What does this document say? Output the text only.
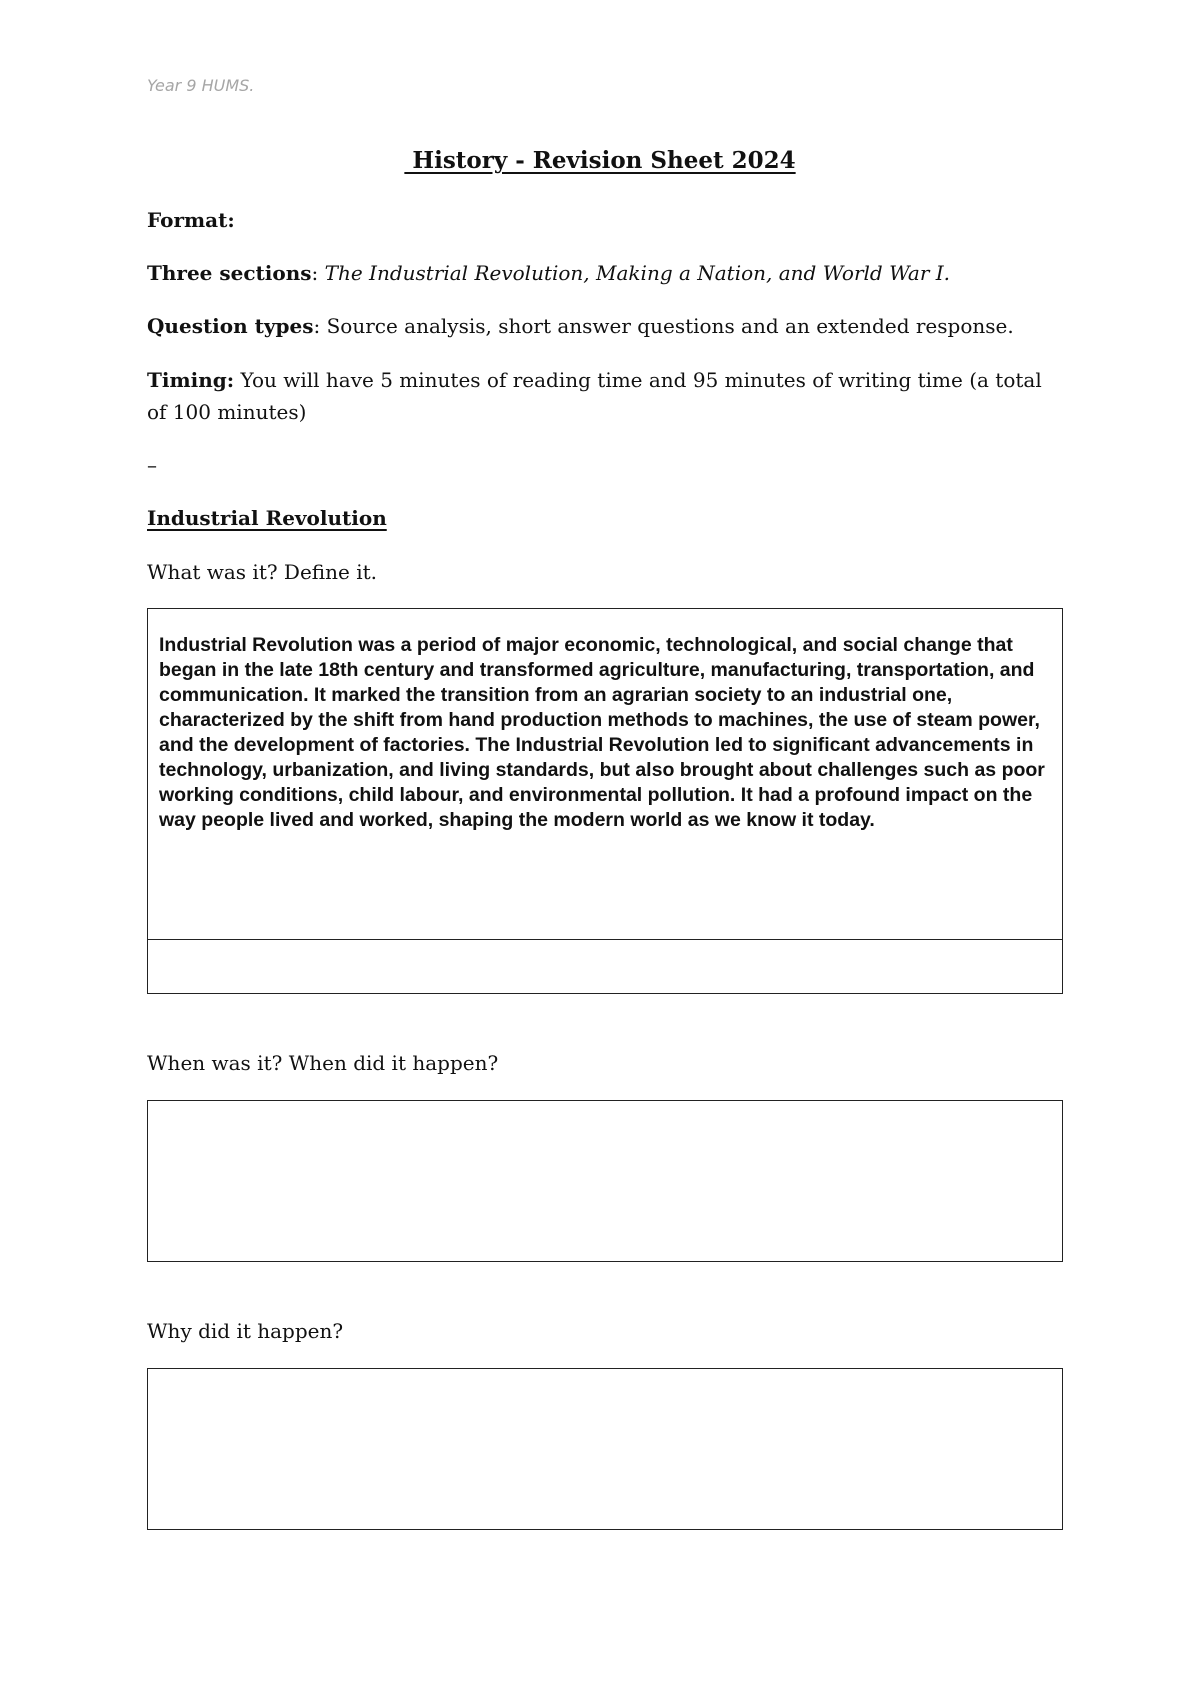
Year 9 HUMS.
History - Revision Sheet 2024
Format:
Three sections: The Industrial Revolution, Making a Nation, and World War I.
Question types: Source analysis, short answer questions and an extended response.
Timing: You will have 5 minutes of reading time and 95 minutes of writing time (a total
of 100 minutes)
–
Industrial Revolution
What was it? Define it.
Industrial Revolution was a period of major economic, technological, and social change that began in the late 18th century and transformed agriculture, manufacturing, transportation, and communication. It marked the transition from an agrarian society to an industrial one, characterized by the shift from hand production methods to machines, the use of steam power, and the development of factories. The Industrial Revolution led to significant advancements in technology, urbanization, and living standards, but also brought about challenges such as poor working conditions, child labour, and environmental pollution. It had a profound impact on the way people lived and worked, shaping the modern world as we know it today.
When was it? When did it happen?
Why did it happen?
